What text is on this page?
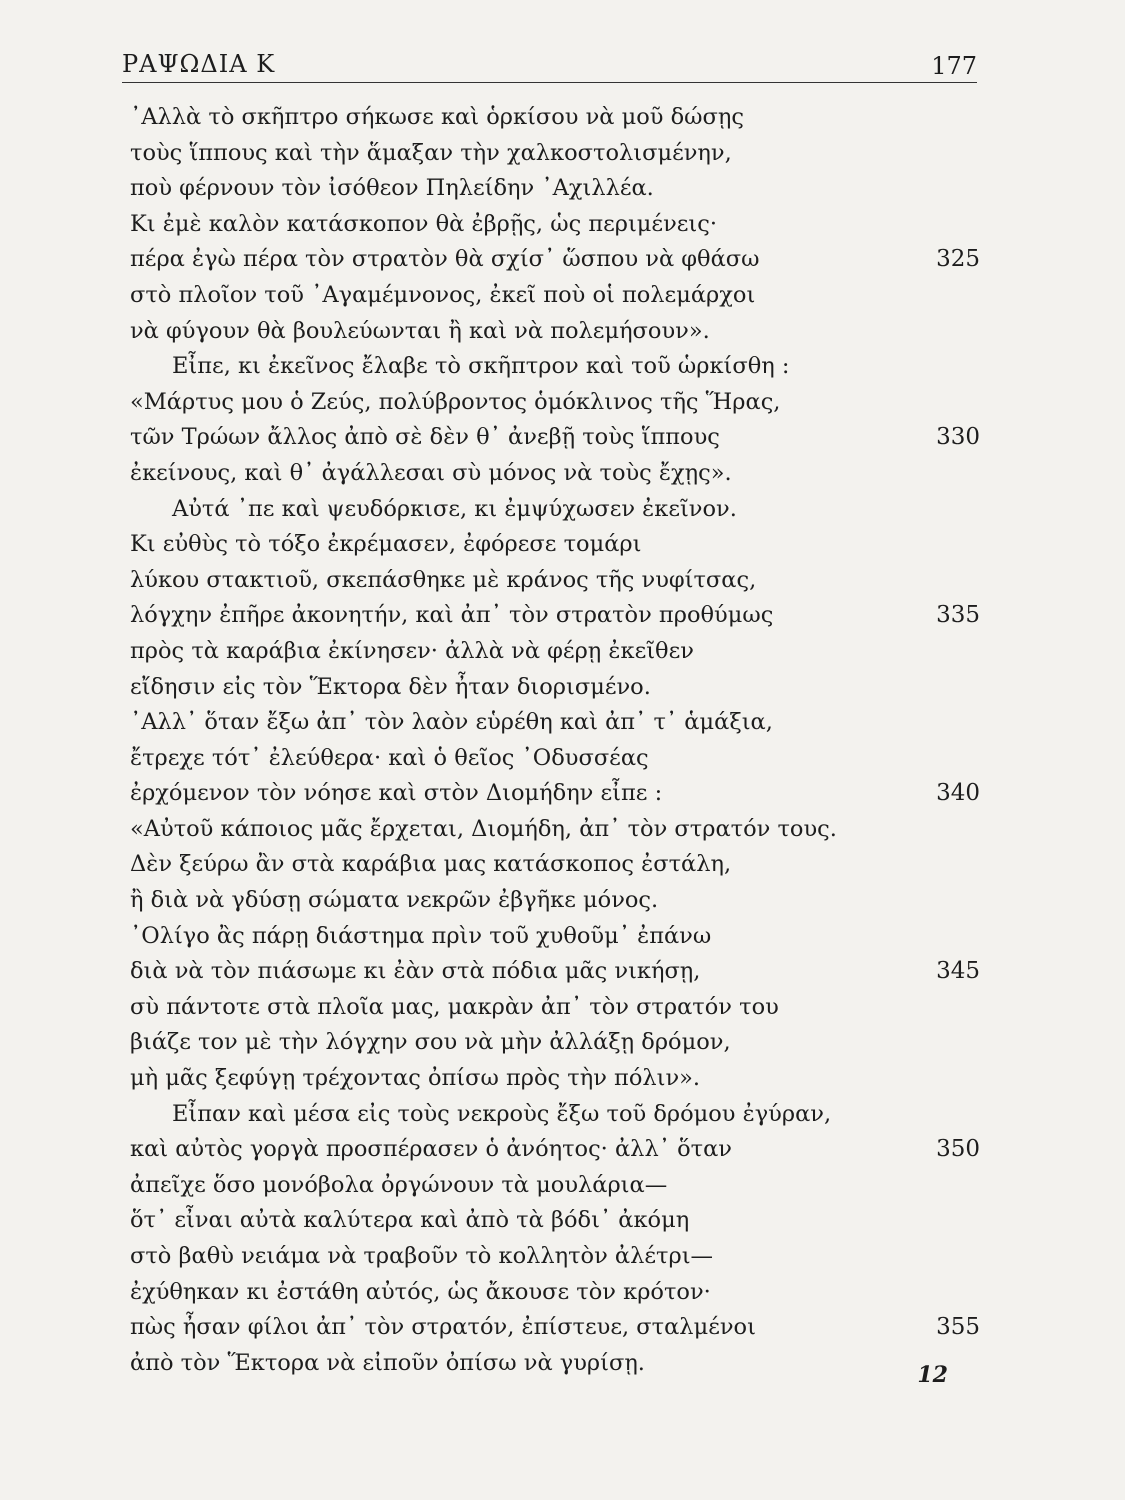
ΡΑΨΩΔΙΑ Κ	177
᾿Αλλὰ τὸ σκῆπτρο σήκωσε καὶ ὁρκίσου νὰ μοῦ δώσῃς
τοὺς ἵππους καὶ τὴν ἅμαξαν τὴν χαλκοστολισμένην,
ποὺ φέρνουν τὸν ἰσόθεον Πηλείδην ᾿Αχιλλέα.
Κι ἐμὲ καλὸν κατάσκοπον θὰ ἐβρῇς, ὡς περιμένεις·
πέρα ἐγὼ πέρα τὸν στρατὸν θὰ σχίσ᾿ ὥσπου νὰ φθάσω	325
στὸ πλοῖον τοῦ ᾿Αγαμέμνονος, ἐκεῖ ποὺ οἱ πολεμάρχοι
νὰ φύγουν θὰ βουλεύωνται ἢ καὶ νὰ πολεμήσουν».
Εἶπε, κι ἐκεῖνος ἔλαβε τὸ σκῆπτρον καὶ τοῦ ὡρκίσθη :
«Μάρτυς μου ὁ Ζεύς, πολύβροντος ὁμόκλινος τῆς Ἥρας,
τῶν Τρώων ἄλλος ἀπὸ σὲ δὲν θ᾿ ἀνεβῇ τοὺς ἵππους	330
ἐκείνους, καὶ θ᾿ ἀγάλλεσαι σὺ μόνος νὰ τοὺς ἔχῃς».
Αὐτά ᾿πε καὶ ψευδόρκισε, κι ἐμψύχωσεν ἐκεῖνον.
Κι εὐθὺς τὸ τόξο ἐκρέμασεν, ἐφόρεσε τομάρι
λύκου στακτιοῦ, σκεπάσθηκε μὲ κράνος τῆς νυφίτσας,
λόγχην ἐπῆρε ἀκονητήν, καὶ ἀπ᾿ τὸν στρατὸν προθύμως	335
πρὸς τὰ καράβια ἐκίνησεν· ἀλλὰ νὰ φέρῃ ἐκεῖθεν
εἴδησιν εἰς τὸν Ἕκτορα δὲν ἦταν διορισμένο.
᾿Αλλ᾿ ὅταν ἔξω ἀπ᾿ τὸν λαὸν εὑρέθη καὶ ἀπ᾿ τ᾿ ἁμάξια,
ἔτρεχε τότ᾿ ἐλεύθερα· καὶ ὁ θεῖος ᾿Οδυσσέας
ἐρχόμενον τὸν νόησε καὶ στὸν Διομήδην εἶπε :	340
«Αὐτοῦ κάποιος μᾶς ἔρχεται, Διομήδη, ἀπ᾿ τὸν στρατόν τους.
Δὲν ξεύρω ἂν στὰ καράβια μας κατάσκοπος ἐστάλη,
ἢ διὰ νὰ γδύσῃ σώματα νεκρῶν ἐβγῆκε μόνος.
᾿Ολίγο ἂς πάρῃ διάστημα πρὶν τοῦ χυθοῦμ᾿ ἐπάνω
διὰ νὰ τὸν πιάσωμε κι ἐὰν στὰ πόδια μᾶς νικήσῃ,	345
σὺ πάντοτε στὰ πλοῖα μας, μακρὰν ἀπ᾿ τὸν στρατόν του
βιάζε τον μὲ τὴν λόγχην σου νὰ μὴν ἀλλάξῃ δρόμον,
μὴ μᾶς ξεφύγῃ τρέχοντας ὀπίσω πρὸς τὴν πόλιν».
Εἶπαν καὶ μέσα εἰς τοὺς νεκροὺς ἔξω τοῦ δρόμου ἐγύραν,
καὶ αὐτὸς γοργὰ προσπέρασεν ὁ ἀνόητος· ἀλλ᾿ ὅταν	350
ἀπεῖχε ὅσο μονόβολα ὀργώνουν τὰ μουλάρια—
ὅτ᾿ εἶναι αὐτὰ καλύτερα καὶ ἀπὸ τὰ βόδι᾿ ἀκόμη
στὸ βαθὺ νειάμα νὰ τραβοῦν τὸ κολλητὸν ἀλέτρι—
ἐχύθηκαν κι ἐστάθη αὐτός, ὡς ἄκουσε τὸν κρότον·
πὼς ἦσαν φίλοι ἀπ᾿ τὸν στρατόν, ἐπίστευε, σταλμένοι	355
ἀπὸ τὸν Ἕκτορα νὰ εἰποῦν ὀπίσω νὰ γυρίσῃ.	12
